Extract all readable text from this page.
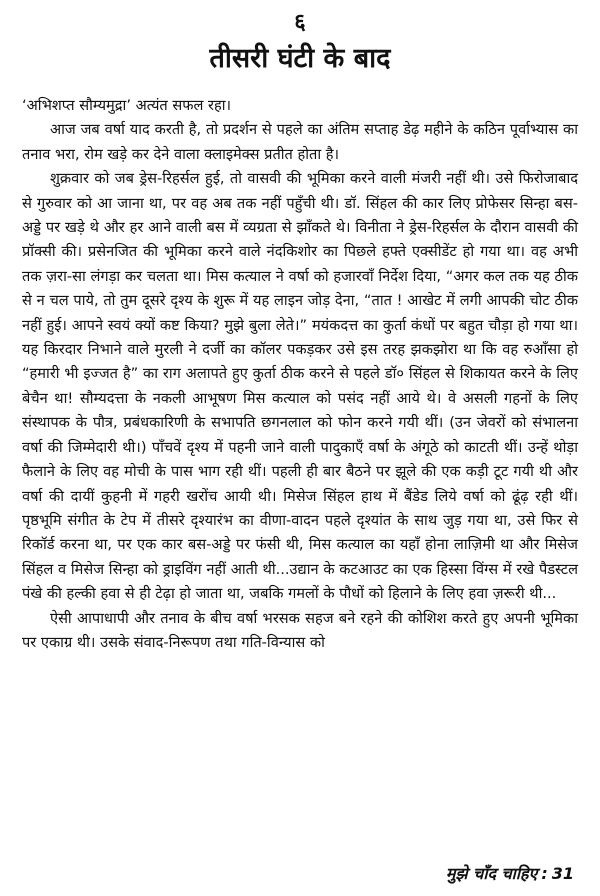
६
तीसरी घंटी के बाद

‘अभिशप्त सौम्यमुद्रा’ अत्यंत सफल रहा।

आज जब वर्षा याद करती है, तो प्रदर्शन से पहले का अंतिम सप्ताह डेढ़ महीने के कठिन पूर्वाभ्यास का तनाव भरा, रोम खड़े कर देने वाला क्लाइमेक्स प्रतीत होता है।

शुक्रवार को जब ड्रेस-रिहर्सल हुई, तो वासवी की भूमिका करने वाली मंजरी नहीं थी। उसे फिरोजाबाद से गुरुवार को आ जाना था, पर वह अब तक नहीं पहुँची थी। डॉ. सिंहल की कार लिए प्रोफेसर सिन्हा बस-अड्डे पर खड़े थे और हर आने वाली बस में व्यग्रता से झाँकते थे। विनीता ने ड्रेस-रिहर्सल के दौरान वासवी की प्रॉक्सी की। प्रसेनजित की भूमिका करने वाले नंदकिशोर का पिछले हफ्ते एक्सीडेंट हो गया था। वह अभी तक ज़रा-सा लंगड़ा कर चलता था। मिस कत्याल ने वर्षा को हजारवाँ निर्देश दिया, “अगर कल तक यह ठीक से न चल पाये, तो तुम दूसरे दृश्य के शुरू में यह लाइन जोड़ देना, “तात ! आखेट में लगी आपकी चोट ठीक नहीं हुई। आपने स्वयं क्यों कष्ट किया? मुझे बुला लेते।” मयंकदत्त का कुर्ता कंधों पर बहुत चौड़ा हो गया था। यह किरदार निभाने वाले मुरली ने दर्जी का कॉलर पकड़कर उसे इस तरह झकझोरा था कि वह रुआँसा हो “हमारी भी इज्जत है” का राग अलापते हुए कुर्ता ठीक करने से पहले डॉ० सिंहल से शिकायत करने के लिए बेचैन था! सौम्यदत्ता के नकली आभूषण मिस कत्याल को पसंद नहीं आये थे। वे असली गहनों के लिए संस्थापक के पौत्र, प्रबंधकारिणी के सभापति छगनलाल को फोन करने गयी थीं। (उन जेवरों को संभालना वर्षा की जिम्मेदारी थी।) पाँचवें दृश्य में पहनी जाने वाली पादुकाएँ वर्षा के अंगूठे को काटती थीं। उन्हें थोड़ा फैलाने के लिए वह मोची के पास भाग रही थीं। पहली ही बार बैठने पर झूले की एक कड़ी टूट गयी थी और वर्षा की दायीं कुहनी में गहरी खरोंच आयी थी। मिसेज सिंहल हाथ में बैंडेड लिये वर्षा को ढूंढ़ रही थीं। पृष्ठभूमि संगीत के टेप में तीसरे दृश्यारंभ का वीणा-वादन पहले दृश्यांत के साथ जुड़ गया था, उसे फिर से रिकॉर्ड करना था, पर एक कार बस-अड्डे पर फंसी थी, मिस कत्याल का यहाँ होना लाज़िमी था और मिसेज सिंहल व मिसेज सिन्हा को ड्राइविंग नहीं आती थी...उद्यान के कटआउट का एक हिस्सा विंग्स में रखे पैडस्टल पंखे की हल्की हवा से ही टेढ़ा हो जाता था, जबकि गमलों के पौधों को हिलाने के लिए हवा ज़रूरी थी...

ऐसी आपाधापी और तनाव के बीच वर्षा भरसक सहज बने रहने की कोशिश करते हुए अपनी भूमिका पर एकाग्र थी। उसके संवाद-निरूपण तथा गति-विन्यास को

मुझे चाँद चाहिए : 31
